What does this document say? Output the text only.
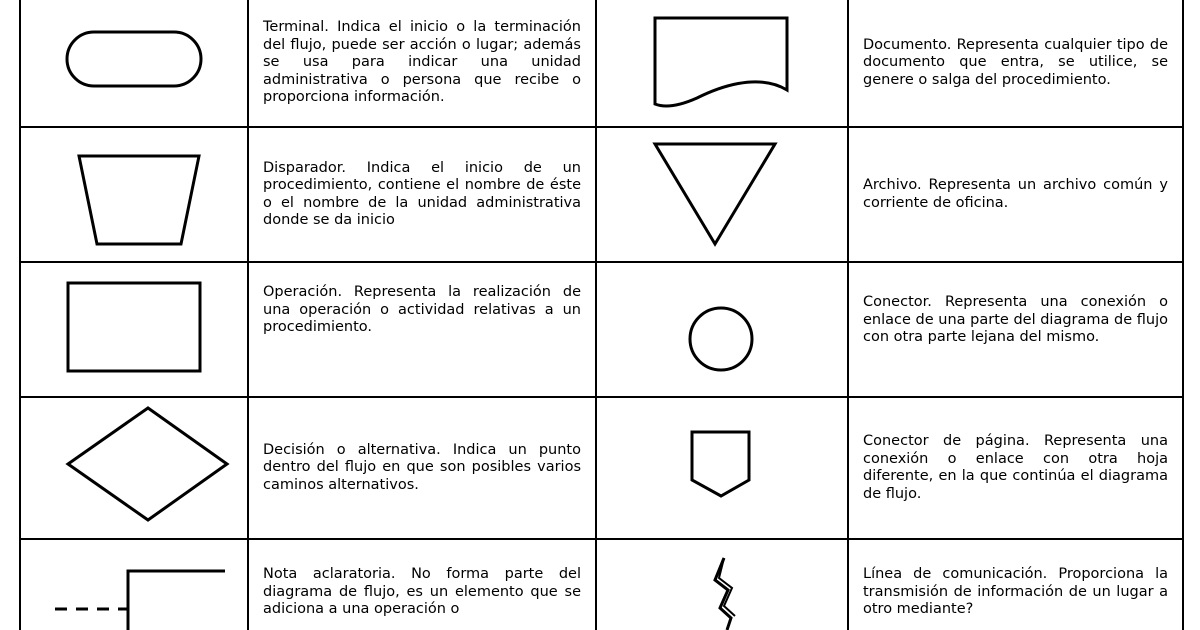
Terminal. Indica el inicio o la terminación del flujo, puede ser acción o lugar; además se usa para indicar una unidad administrativa o persona que recibe o proporciona información.

Documento. Representa cualquier tipo de documento que entra, se utilice, se genere o salga del procedimiento.

Disparador. Indica el inicio de un procedimiento, contiene el nombre de éste o el nombre de la unidad administrativa donde se da inicio

Archivo. Representa un archivo común y corriente de oficina.

Operación. Representa la realización de una operación o actividad relativas a un procedimiento.

Conector. Representa una conexión o enlace de una parte del diagrama de flujo con otra parte lejana del mismo.

Decisión o alternativa. Indica un punto dentro del flujo en que son posibles varios caminos alternativos.

Conector de página. Representa una conexión o enlace con otra hoja diferente, en la que continúa el diagrama de flujo.

Nota aclaratoria. No forma parte del diagrama de flujo, es un elemento que se adiciona a una operación o

Línea de comunicación. Proporciona la transmisión de información de un lugar a otro mediante?
